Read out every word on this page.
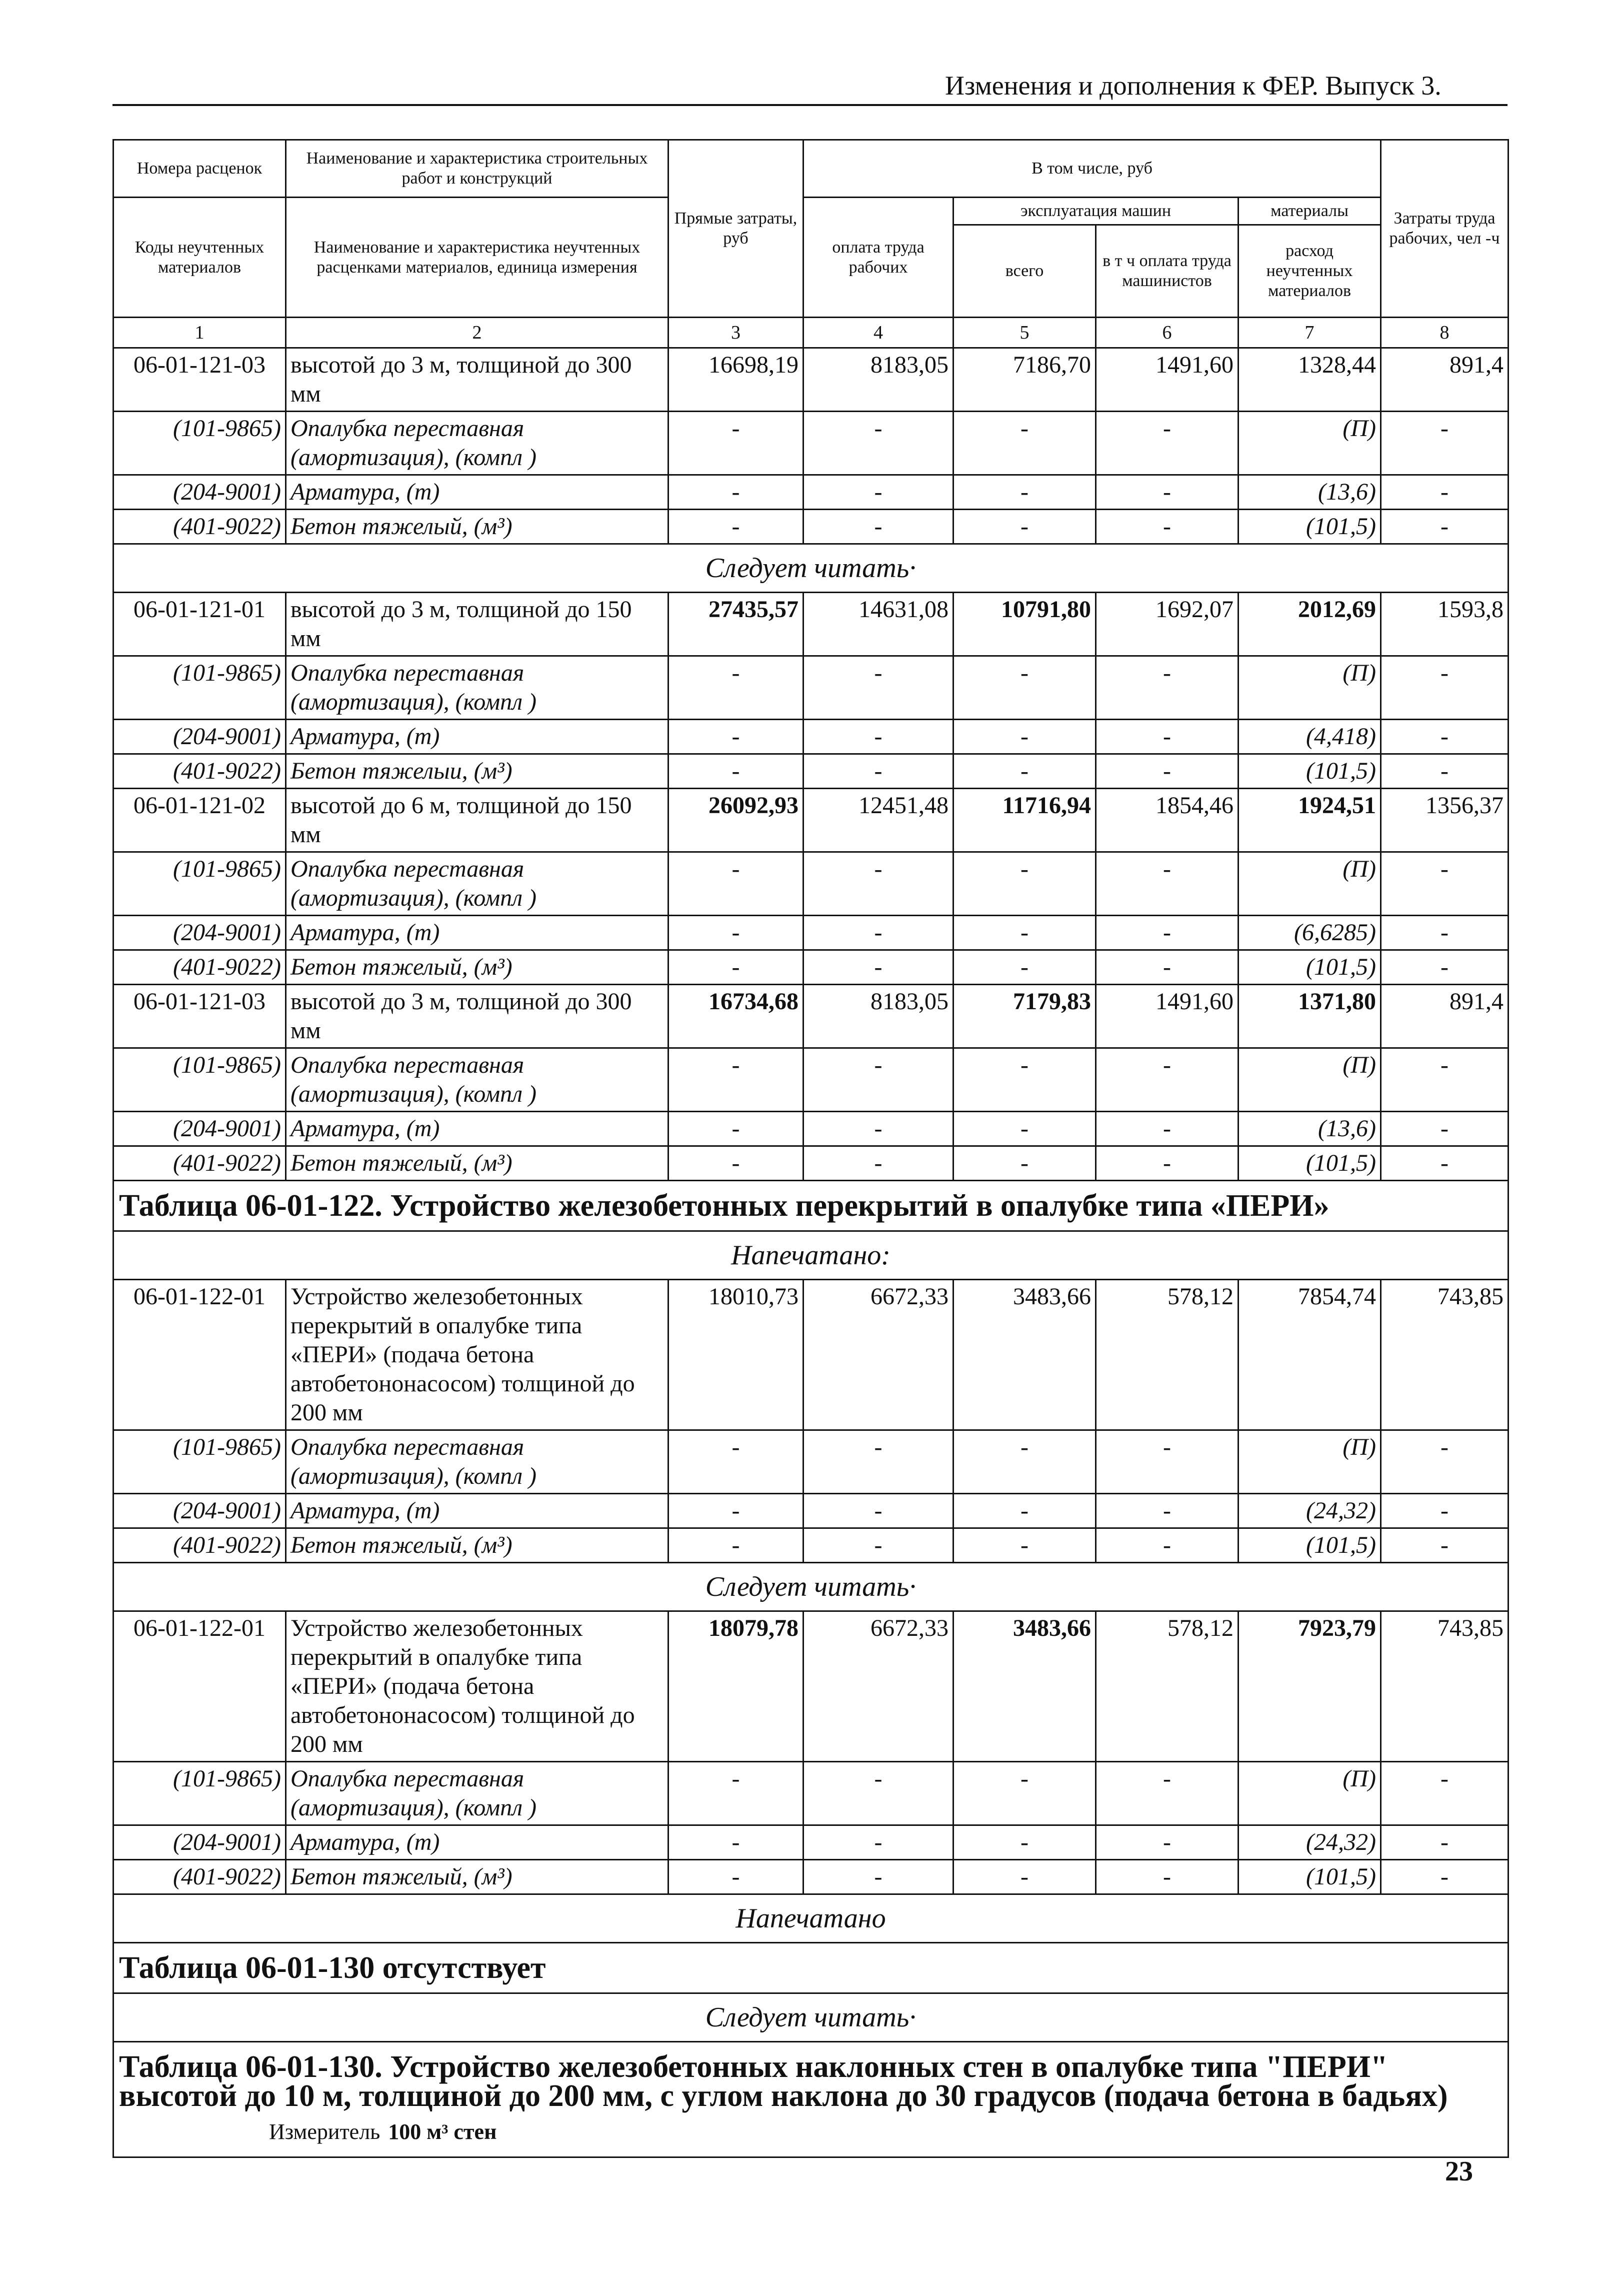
Изменения и дополнения к ФЕР. Выпуск 3.
Номера расценок	Наименование и характеристика строительных работ и конструкций	Прямые затраты, руб	В том числе, руб				Затраты труда рабочих, чел -ч
Коды неучтенных материалов	Наименование и характеристика неучтенных расценками материалов, единица измерения		оплата труда рабочих	эксплуатация машин		материалы	
				всего	в т ч оплата труда машинистов	расход неучтенных материалов	
1	2	3	4	5	6	7	8
06-01-121-03	высотой до 3 м, толщиной до 300 мм	16698,19	8183,05	7186,70	1491,60	1328,44	891,4
(101-9865)	Опалубка переставная (амортизация), (компл )	-	-	-	-	(П)	-
(204-9001)	Арматура, (т)	-	-	-	-	(13,6)	-
(401-9022)	Бетон тяжелый, (м³)	-	-	-	-	(101,5)	-
Следует читать·							
06-01-121-01	высотой до 3 м, толщиной до 150 мм	27435,57	14631,08	10791,80	1692,07	2012,69	1593,8
(101-9865)	Опалубка переставная (амортизация), (компл )	-	-	-	-	(П)	-
(204-9001)	Арматура, (т)	-	-	-	-	(4,418)	-
(401-9022)	Бетон тяжелыи, (м³)	-	-	-	-	(101,5)	-
06-01-121-02	высотой до 6 м, толщиной до 150 мм	26092,93	12451,48	11716,94	1854,46	1924,51	1356,37
(101-9865)	Опалубка переставная (амортизация), (компл )	-	-	-	-	(П)	-
(204-9001)	Арматура, (т)	-	-	-	-	(6,6285)	-
(401-9022)	Бетон тяжелый, (м³)	-	-	-	-	(101,5)	-
06-01-121-03	высотой до 3 м, толщиной до 300 мм	16734,68	8183,05	7179,83	1491,60	1371,80	891,4
(101-9865)	Опалубка переставная (амортизация), (компл )	-	-	-	-	(П)	-
(204-9001)	Арматура, (т)	-	-	-	-	(13,6)	-
(401-9022)	Бетон тяжелый, (м³)	-	-	-	-	(101,5)	-

Таблица 06-01-122. Устройство железобетонных перекрытий в опалубке типа «ПЕРИ»							

Напечатано:							
06-01-122-01	Устройство железобетонных перекрытий в опалубке типа «ПЕРИ» (подача бетона автобетононасосом) толщиной до 200 мм	18010,73	6672,33	3483,66	578,12	7854,74	743,85
(101-9865)	Опалубка переставная (амортизация), (компл )	-	-	-	-	(П)	-
(204-9001)	Арматура, (т)	-	-	-	-	(24,32)	-
(401-9022)	Бетон тяжелый, (м³)	-	-	-	-	(101,5)	-
Следует читать·							
06-01-122-01	Устройство железобетонных перекрытий в опалубке типа «ПЕРИ» (подача бетона автобетононасосом) толщиной до 200 мм	18079,78	6672,33	3483,66	578,12	7923,79	743,85
(101-9865)	Опалубка переставная (амортизация), (компл )	-	-	-	-	(П)	-
(204-9001)	Арматура, (т)	-	-	-	-	(24,32)	-
(401-9022)	Бетон тяжелый, (м³)	-	-	-	-	(101,5)	-
Напечатано							

Таблица 06-01-130 отсутствует							

Следует читать·							

Таблица 06-01-130. Устройство железобетонных наклонных стен в опалубке типа "ПЕРИ" высотой до 10 м, толщиной до 200 мм, с углом наклона до 30 градусов (подача бетона в бадьях)
Измеритель 100 м³ стен							
23
